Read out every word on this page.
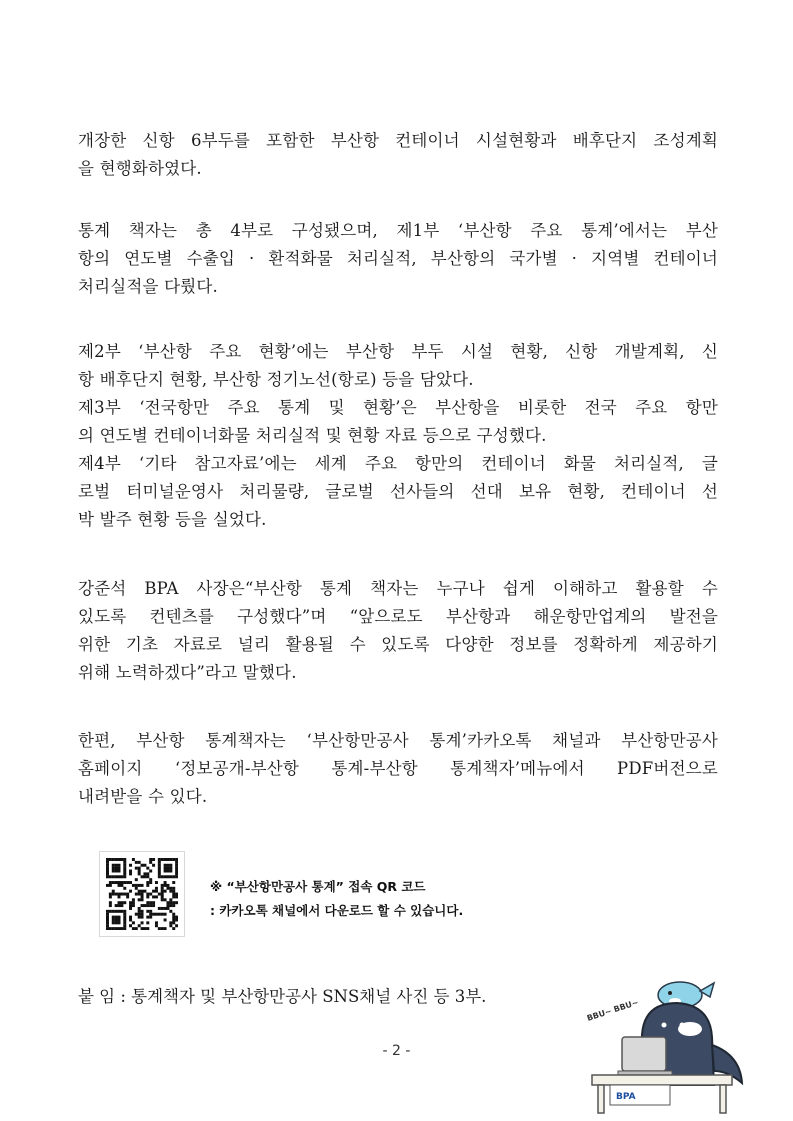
개장한 신항 6부두를 포함한 부산항 컨테이너 시설현황과 배후단지 조성계획
을 현행화하였다.
통계 책자는 총 4부로 구성됐으며, 제1부 ‘부산항 주요 통계’에서는 부산
항의 연도별 수출입 · 환적화물 처리실적, 부산항의 국가별 · 지역별 컨테이너
처리실적을 다뤘다.
제2부 ‘부산항 주요 현황’에는 부산항 부두 시설 현황, 신항 개발계획, 신
항 배후단지 현황, 부산항 정기노선(항로) 등을 담았다.
제3부 ‘전국항만 주요 통계 및 현황’은 부산항을 비롯한 전국 주요 항만
의 연도별 컨테이너화물 처리실적 및 현황 자료 등으로 구성했다.
제4부 ‘기타 참고자료’에는 세계 주요 항만의 컨테이너 화물 처리실적, 글
로벌 터미널운영사 처리물량, 글로벌 선사들의 선대 보유 현황, 컨테이너 선
박 발주 현황 등을 실었다.
강준석 BPA 사장은“부산항 통계 책자는 누구나 쉽게 이해하고 활용할 수
있도록 컨텐츠를 구성했다”며 “앞으로도 부산항과 해운항만업계의 발전을
위한 기초 자료로 널리 활용될 수 있도록 다양한 정보를 정확하게 제공하기
위해 노력하겠다”라고 말했다.
한편, 부산항 통계책자는 ‘부산항만공사 통계’카카오톡 채널과 부산항만공사
홈페이지 ‘정보공개-부산항 통계-부산항 통계책자’메뉴에서 PDF버전으로
내려받을 수 있다.
※ “부산항만공사 통계” 접속 QR 코드
: 카카오톡 채널에서 다운로드 할 수 있습니다.
붙 임 : 통계책자 및 부산항만공사 SNS채널 사진 등 3부.
- 2 -
BBU~ BBU~
BPA
